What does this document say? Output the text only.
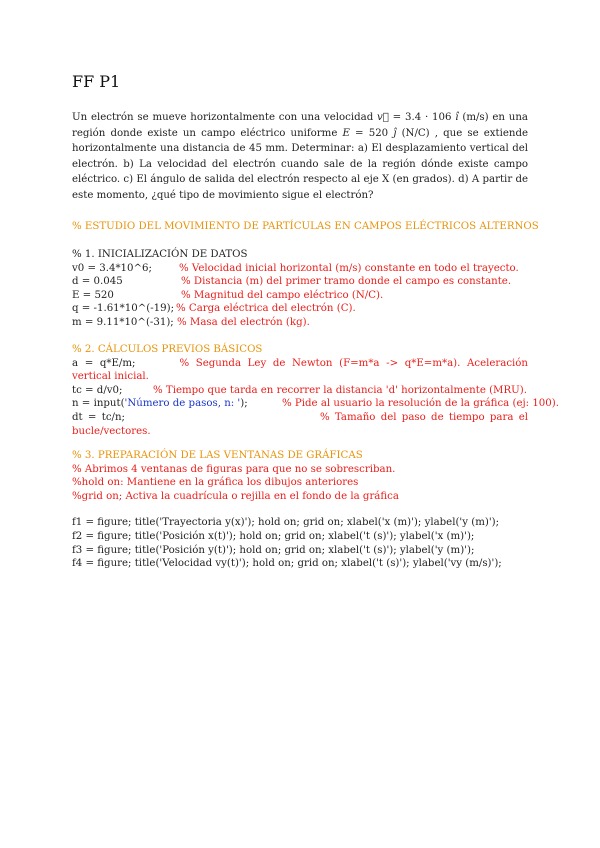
FF P1

Un electrón se mueve horizontalmente con una velocidad v⃗ = 3.4 · 106 ı̂ (m/s) en una región donde existe un campo eléctrico uniforme E = 520 ȷ̂ (N/C) , que se extiende horizontalmente una distancia de 45 mm. Determinar: a) El desplazamiento vertical del electrón. b) La velocidad del electrón cuando sale de la región dónde existe campo eléctrico. c) El ángulo de salida del electrón respecto al eje X (en grados). d) A partir de este momento, ¿qué tipo de movimiento sigue el electrón?

% ESTUDIO DEL MOVIMIENTO DE PARTÍCULAS EN CAMPOS ELÉCTRICOS ALTERNOS
% 1. INICIALIZACIÓN DE DATOS
v0 = 3.4*10^6;	% Velocidad inicial horizontal (m/s) constante en todo el trayecto.
d = 0.045	% Distancia (m) del primer tramo donde el campo es constante.
E = 520	% Magnitud del campo eléctrico (N/C).
q = -1.61*10^(-19); % Carga eléctrica del electrón (C).
m = 9.11*10^(-31); % Masa del electrón (kg).
% 2. CÁLCULOS PREVIOS BÁSICOS
a = q*E/m;	% Segunda Ley de Newton (F=m*a -> q*E=m*a). Aceleración vertical inicial.
tc = d/v0;	% Tiempo que tarda en recorrer la distancia 'd' horizontalmente (MRU).
n = input('Número de pasos, n: ');	% Pide al usuario la resolución de la gráfica (ej: 100).
dt = tc/n;	% Tamaño del paso de tiempo para el bucle/vectores.
% 3. PREPARACIÓN DE LAS VENTANAS DE GRÁFICAS
% Abrimos 4 ventanas de figuras para que no se sobrescriban.
%hold on: Mantiene en la gráfica los dibujos anteriores
%grid on; Activa la cuadrícula o rejilla en el fondo de la gráfica
f1 = figure; title('Trayectoria y(x)'); hold on; grid on; xlabel('x (m)'); ylabel('y (m)');
f2 = figure; title('Posición x(t)'); hold on; grid on; xlabel('t (s)'); ylabel('x (m)');
f3 = figure; title('Posición y(t)'); hold on; grid on; xlabel('t (s)'); ylabel('y (m)');
f4 = figure; title('Velocidad vy(t)'); hold on; grid on; xlabel('t (s)'); ylabel('vy (m/s)');
